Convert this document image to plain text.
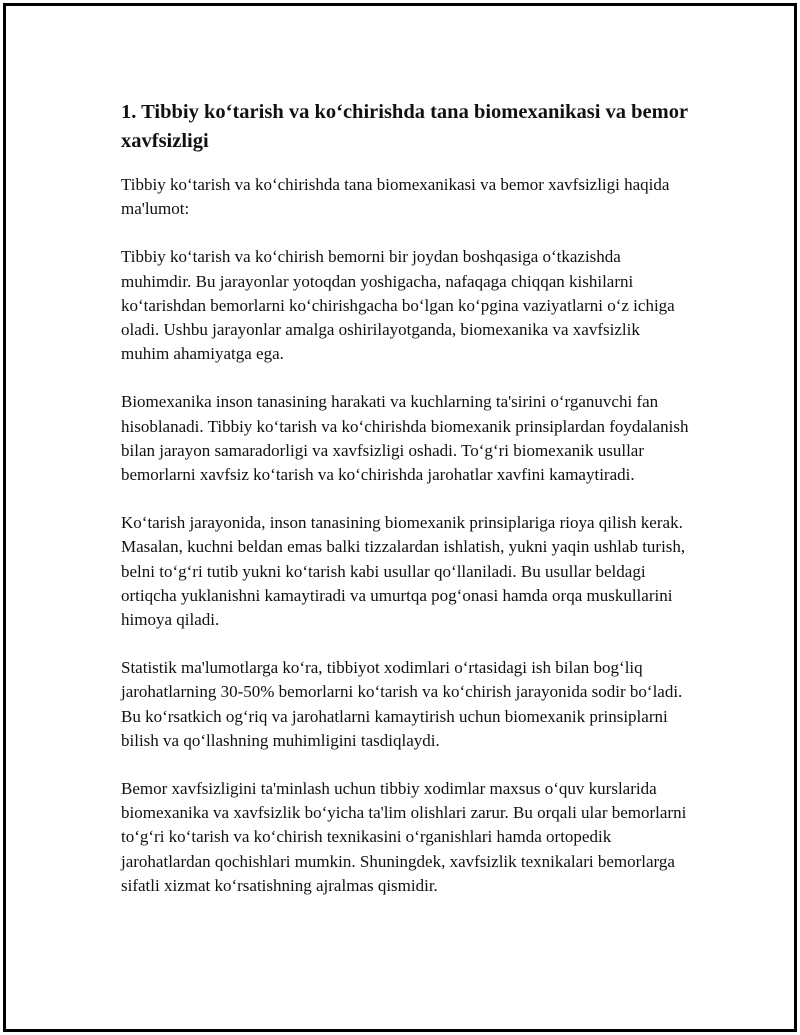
1. Tibbiy koʻtarish va koʻchirishda tana biomexanikasi va bemor xavfsizligi

Tibbiy koʻtarish va koʻchirishda tana biomexanikasi va bemor xavfsizligi haqida ma'lumot:

Tibbiy koʻtarish va koʻchirish bemorni bir joydan boshqasiga oʻtkazishda muhimdir. Bu jarayonlar yotoqdan yoshigacha, nafaqaga chiqqan kishilarni koʻtarishdan bemorlarni koʻchirishgacha boʻlgan koʻpgina vaziyatlarni oʻz ichiga oladi. Ushbu jarayonlar amalga oshirilayotganda, biomexanika va xavfsizlik muhim ahamiyatga ega.

Biomexanika inson tanasining harakati va kuchlarning ta'sirini oʻrganuvchi fan hisoblanadi. Tibbiy koʻtarish va koʻchirishda biomexanik prinsiplardan foydalanish bilan jarayon samaradorligi va xavfsizligi oshadi. Toʻgʻri biomexanik usullar bemorlarni xavfsiz koʻtarish va koʻchirishda jarohatlar xavfini kamaytiradi.

Koʻtarish jarayonida, inson tanasining biomexanik prinsiplariga rioya qilish kerak. Masalan, kuchni beldan emas balki tizzalardan ishlatish, yukni yaqin ushlab turish, belni toʻgʻri tutib yukni koʻtarish kabi usullar qoʻllaniladi. Bu usullar beldagi ortiqcha yuklanishni kamaytiradi va umurtqa pogʻonasi hamda orqa muskullarini himoya qiladi.

Statistik ma'lumotlarga koʻra, tibbiyot xodimlari oʻrtasidagi ish bilan bogʻliq jarohatlarning 30-50% bemorlarni koʻtarish va koʻchirish jarayonida sodir boʻladi. Bu koʻrsatkich ogʻriq va jarohatlarni kamaytirish uchun biomexanik prinsiplarni bilish va qoʻllashning muhimligini tasdiqlaydi.

Bemor xavfsizligini ta'minlash uchun tibbiy xodimlar maxsus oʻquv kurslarida biomexanika va xavfsizlik boʻyicha ta'lim olishlari zarur. Bu orqali ular bemorlarni toʻgʻri koʻtarish va koʻchirish texnikasini oʻrganishlari hamda ortopedik jarohatlardan qochishlari mumkin. Shuningdek, xavfsizlik texnikalari bemorlarga sifatli xizmat koʻrsatishning ajralmas qismidir.
